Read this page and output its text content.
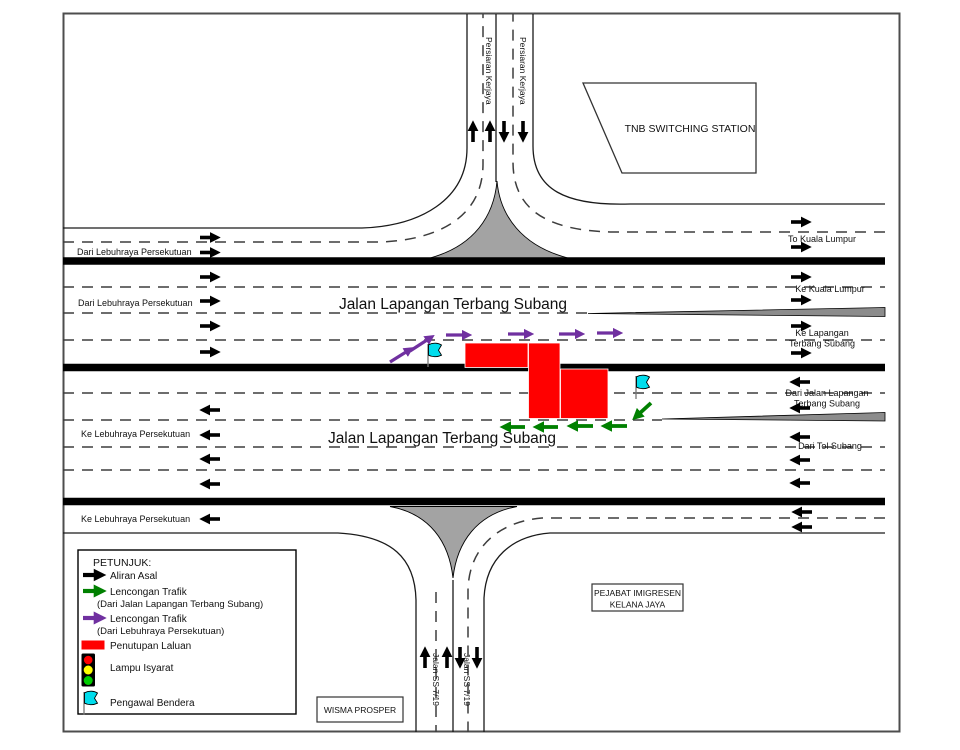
Persiaran Kerjaya	Persiaran Kerjaya
Jalan Lapangan Terbang Subang
Jalan Lapangan Terbang Subang
Dari Lebuhraya Persekutuan
Dari Lebuhraya Persekutuan
Ke Lebuhraya Persekutuan
Ke Lebuhraya Persekutuan
To Kuala Lumpur
Ke Kuala Lumpur
Ke Lapangan
Terbang Subang
Dari Jalan Lapangan
Terbang Subang
Dari Tol Subang
Jalan SS 7/19 Jalan SS 7/19
TNB SWITCHING STATION
PEJABAT IMIGRESEN
KELANA JAYA
WISMA PROSPER
PETUNJUK:
Aliran Asal
Lencongan Trafik
(Dari Jalan Lapangan Terbang Subang)
Lencongan Trafik
(Dari Lebuhraya Persekutuan)
Penutupan Laluan
Lampu Isyarat
Pengawal Bendera
